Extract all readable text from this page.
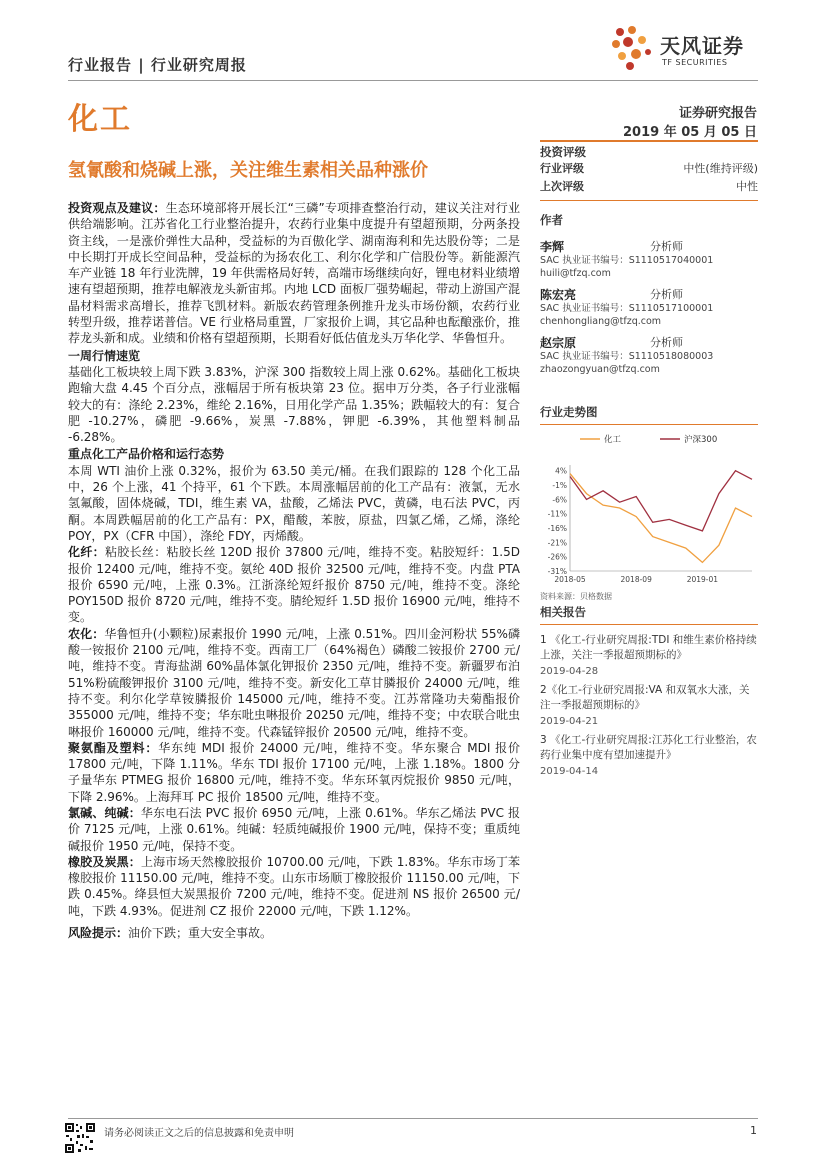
行业报告 | 行业研究周报
天风证券
TF SECURITIES
化工	证券研究报告
2019 年 05 月 05 日
氢氰酸和烧碱上涨，关注维生素相关品种涨价

投资观点及建议：生态环境部将开展长江“三磷”专项排查整治行动，建议关注对行业供给端影响。江苏省化工行业整治提升，农药行业集中度提升有望超预期，分两条投资主线，一是涨价弹性大品种，受益标的为百傲化学、湖南海利和先达股份等；二是中长期打开成长空间品种，受益标的为扬农化工、利尔化学和广信股份等。新能源汽车产业链 18 年行业洗牌，19 年供需格局好转，高端市场继续向好，锂电材料业绩增速有望超预期，推荐电解液龙头新宙邦。内地 LCD 面板厂强势崛起，带动上游国产混晶材料需求高增长，推荐飞凯材料。新版农药管理条例推升龙头市场份额，农药行业转型升级，推荐诺普信。VE 行业格局重置，厂家报价上调，其它品种也酝酿涨价，推荐龙头新和成。业绩和价格有望超预期，长期看好低估值龙头万华化学、华鲁恒升。

一周行情速览

基础化工板块较上周下跌 3.83%，沪深 300 指数较上周上涨 0.62%。基础化工板块跑输大盘 4.45 个百分点，涨幅居于所有板块第 23 位。据申万分类，各子行业涨幅较大的有：涤纶 2.23%，维纶 2.16%，日用化学产品 1.35%；跌幅较大的有：复合肥 -10.27%，磷肥 -9.66%，炭黑 -7.88%，钾肥 -6.39%，其他塑料制品 -6.28%。

重点化工产品价格和运行态势

本周 WTI 油价上涨 0.32%，报价为 63.50 美元/桶。在我们跟踪的 128 个化工品中，26 个上涨，41 个持平，61 个下跌。本周涨幅居前的化工产品有：液氯，无水氢氟酸，固体烧碱，TDI，维生素 VA，盐酸，乙烯法 PVC，黄磷，电石法 PVC，丙酮。本周跌幅居前的化工产品有：PX，醋酸，苯胺，原盐，四氯乙烯，乙烯，涤纶 POY，PX（CFR 中国），涤纶 FDY，丙烯酸。

化纤：粘胶长丝：粘胶长丝 120D 报价 37800 元/吨，维持不变。粘胶短纤：1.5D 报价 12400 元/吨，维持不变。氨纶 40D 报价 32500 元/吨，维持不变。内盘 PTA 报价 6590 元/吨，上涨 0.3%。江浙涤纶短纤报价 8750 元/吨，维持不变。涤纶 POY150D 报价 8720 元/吨，维持不变。腈纶短纤 1.5D 报价 16900 元/吨，维持不变。

农化：华鲁恒升(小颗粒)尿素报价 1990 元/吨，上涨 0.51%。四川金河粉状 55%磷酸一铵报价 2100 元/吨，维持不变。西南工厂（64%褐色）磷酸二铵报价 2700 元/吨，维持不变。青海盐湖 60%晶体氯化钾报价 2350 元/吨，维持不变。新疆罗布泊 51%粉硫酸钾报价 3100 元/吨，维持不变。新安化工草甘膦报价 24000 元/吨，维持不变。利尔化学草铵膦报价 145000 元/吨，维持不变。江苏常隆功夫菊酯报价 355000 元/吨，维持不变；华东吡虫啉报价 20250 元/吨，维持不变；中农联合吡虫啉报价 160000 元/吨，维持不变。代森锰锌报价 20500 元/吨，维持不变。

聚氨酯及塑料：华东纯 MDI 报价 24000 元/吨，维持不变。华东聚合 MDI 报价 17800 元/吨，下降 1.11%。华东 TDI 报价 17100 元/吨，上涨 1.18%。1800 分子量华东 PTMEG 报价 16800 元/吨，维持不变。华东环氧丙烷报价 9850 元/吨，下降 2.96%。上海拜耳 PC 报价 18500 元/吨，维持不变。

氯碱、纯碱：华东电石法 PVC 报价 6950 元/吨，上涨 0.61%。华东乙烯法 PVC 报价 7125 元/吨，上涨 0.61%。纯碱：轻质纯碱报价 1900 元/吨，保持不变；重质纯碱报价 1950 元/吨，保持不变。

橡胶及炭黑：上海市场天然橡胶报价 10700.00 元/吨，下跌 1.83%。华东市场丁苯橡胶报价 11150.00 元/吨，维持不变。山东市场顺丁橡胶报价 11150.00 元/吨，下跌 0.45%。绛县恒大炭黑报价 7200 元/吨，维持不变。促进剂 NS 报价 26500 元/吨，下跌 4.93%。促进剂 CZ 报价 22000 元/吨，下跌 1.12%。

风险提示：油价下跌；重大安全事故。

投资评级
行业评级	中性(维持评级)
上次评级	中性
作者
李辉	分析师
SAC 执业证书编号：S1110517040001
huili@tfzq.com
陈宏亮	分析师
SAC 执业证书编号：S1110517100001
chenhongliang@tfzq.com
赵宗原	分析师
SAC 执业证书编号：S1110518080003
zhaozongyuan@tfzq.com
行业走势图
4%
-1%
-6%
-11%
-16%
-21%
-26%
-31%
2018-05	2018-09	2019-01
化工	沪深300
资料来源：贝格数据
相关报告
1 《化工-行业研究周报:TDI 和维生素价格持续上涨，关注一季报超预期标的》
2019-04-28
2《化工-行业研究周报:VA 和双氧水大涨，关注一季报超预期标的》
2019-04-21
3 《化工-行业研究周报:江苏化工行业整治，农药行业集中度有望加速提升》
2019-04-14
请务必阅读正文之后的信息披露和免责申明	1
